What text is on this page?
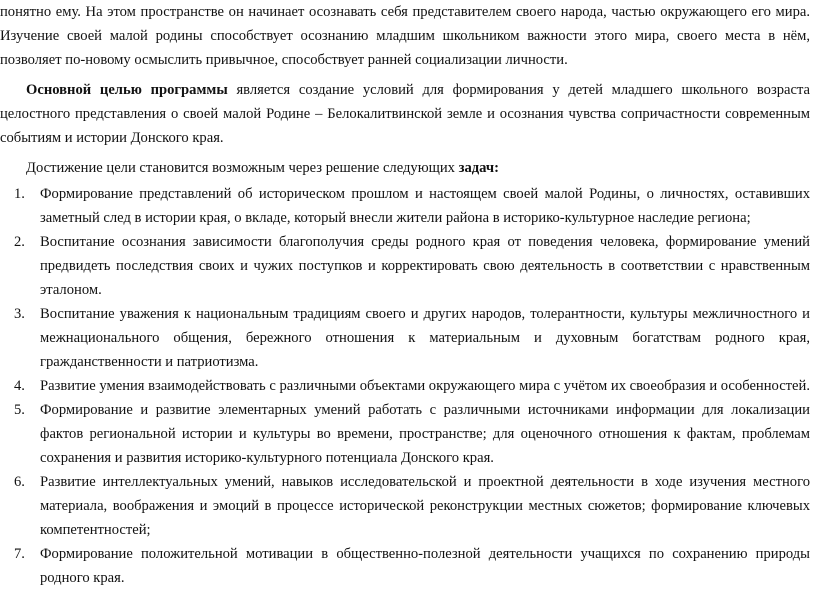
понятно ему. На этом пространстве он начинает осознавать себя представителем своего народа, частью окружающего его мира. Изучение своей малой родины способствует осознанию младшим школьником важности этого мира, своего места в нём, позволяет по-новому осмыслить привычное, способствует ранней социализации личности.

Основной целью программы является создание условий для формирования у детей младшего школьного возраста целостного представления о своей малой Родине – Белокалитвинской земле и осознания чувства сопричастности современным событиям и истории Донского края.

Достижение цели становится возможным через решение следующих задач:

1.	Формирование представлений об историческом прошлом и настоящем своей малой Родины, о личностях, оставивших заметный след в истории края, о вкладе, который внесли жители района в историко-культурное наследие региона;
2.	Воспитание осознания зависимости благополучия среды родного края от поведения человека, формирование умений предвидеть последствия своих и чужих поступков и корректировать свою деятельность в соответствии с нравственным эталоном.
3.	Воспитание уважения к национальным традициям своего и других народов, толерантности, культуры межличностного и межнационального общения, бережного отношения к материальным и духовным богатствам родного края, гражданственности и патриотизма.
4.	Развитие умения взаимодействовать с различными объектами окружающего мира с учётом их своеобразия и особенностей.
5.	Формирование и развитие элементарных умений работать с различными источниками информации для локализации фактов региональной истории и культуры во времени, пространстве; для оценочного отношения к фактам, проблемам сохранения и развития историко-культурного потенциала Донского края.
6.	Развитие интеллектуальных умений, навыков исследовательской и проектной деятельности в ходе изучения местного материала, воображения и эмоций в процессе исторической реконструкции местных сюжетов; формирование ключевых компетентностей;
7.	Формирование положительной мотивации в общественно-полезной деятельности учащихся по сохранению природы родного края.
